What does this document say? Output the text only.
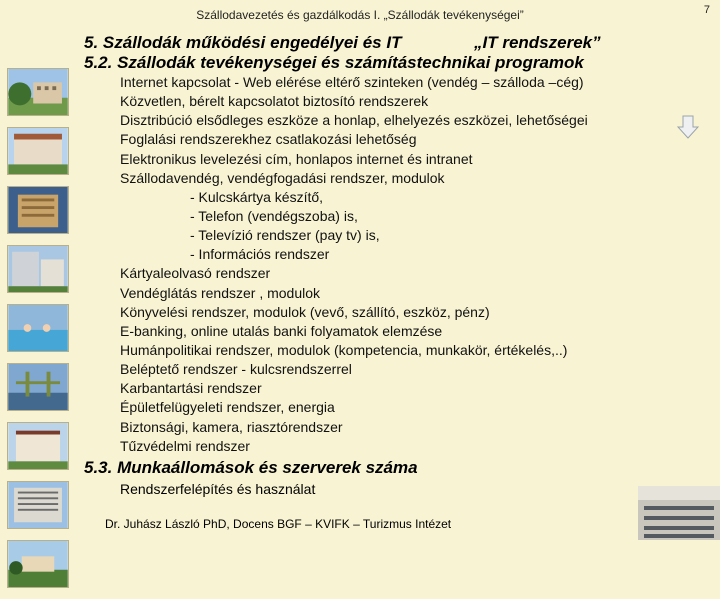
Szállodavezetés és gazdálkodás I. „Szállodák tevékenységei”	7

5. Szállodák működési engedélyei és IT	„IT rendszerek”
5.2. Szállodák tevékenységei és számítástechnikai programok
Internet kapcsolat - Web elérése eltérő szinteken (vendég – szálloda –cég)
Közvetlen, bérelt kapcsolatot biztosító rendszerek
Disztribúció elsődleges eszköze a honlap, elhelyezés eszközei, lehetőségei
Foglalási rendszerekhez csatlakozási lehetőség
Elektronikus levelezési cím, honlapos internet és intranet
Szállodavendég, vendégfogadási rendszer, modulok
- Kulcskártya készítő,
- Telefon (vendégszoba) is,
- Televízió rendszer (pay tv) is,
- Információs rendszer
Kártyaleolvasó rendszer
Vendéglátás rendszer , modulok
Könyvelési rendszer, modulok (vevő, szállító, eszköz, pénz)
E-banking, online utalás banki folyamatok elemzése
Humánpolitikai rendszer, modulok (kompetencia, munkakör, értékelés,..)
Beléptető rendszer - kulcsrendszerrel
Karbantartási rendszer
Épületfelügyeleti rendszer, energia
Biztonsági, kamera, riasztórendszer
Tűzvédelmi rendszer
5.3. Munkaállomások és szerverek száma
Rendszerfelépítés és használat
Dr. Juhász László PhD, Docens BGF – KVIFK – Turizmus Intézet
